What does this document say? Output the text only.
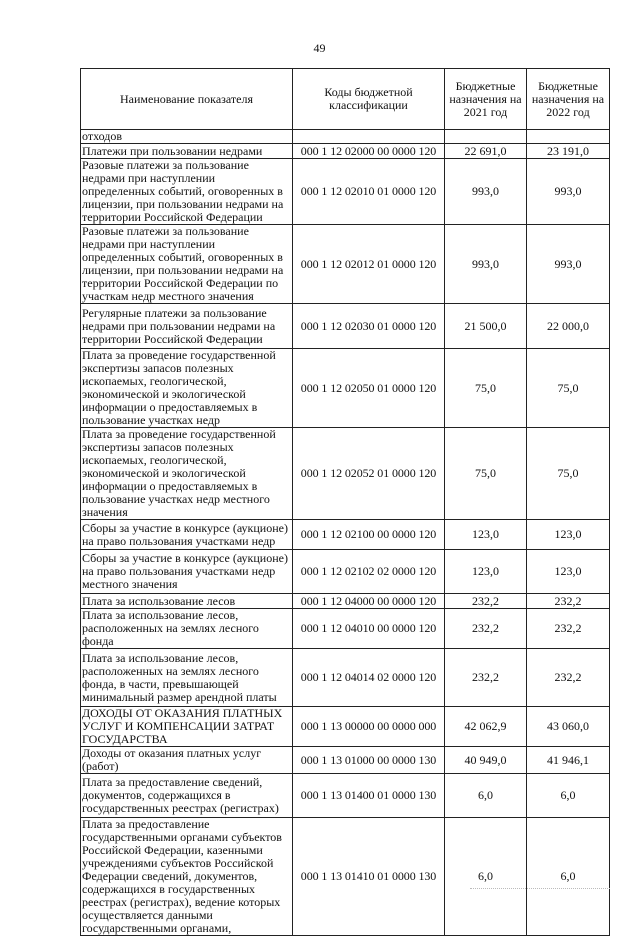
49
Наименование показателя	Коды бюджетной классификации	Бюджетные назначения на 2021 год	Бюджетные назначения на 2022 год
отходов			
Платежи при пользовании недрами	000 1 12 02000 00 0000 120	22 691,0	23 191,0
Разовые платежи за пользование недрами при наступлении определенных событий, оговоренных в лицензии, при пользовании недрами на территории Российской Федерации	000 1 12 02010 01 0000 120	993,0	993,0
Разовые платежи за пользование недрами при наступлении определенных событий, оговоренных в лицензии, при пользовании недрами на территории Российской Федерации по участкам недр местного значения	000 1 12 02012 01 0000 120	993,0	993,0
Регулярные платежи за пользование недрами при пользовании недрами на территории Российской Федерации	000 1 12 02030 01 0000 120	21 500,0	22 000,0
Плата за проведение государственной экспертизы запасов полезных ископаемых, геологической, экономической и экологической информации о предоставляемых в пользование участках недр	000 1 12 02050 01 0000 120	75,0	75,0
Плата за проведение государственной экспертизы запасов полезных ископаемых, геологической, экономической и экологической информации о предоставляемых в пользование участках недр местного значения	000 1 12 02052 01 0000 120	75,0	75,0
Сборы за участие в конкурсе (аукционе) на право пользования участками недр	000 1 12 02100 00 0000 120	123,0	123,0
Сборы за участие в конкурсе (аукционе) на право пользования участками недр местного значения	000 1 12 02102 02 0000 120	123,0	123,0
Плата за использование лесов	000 1 12 04000 00 0000 120	232,2	232,2
Плата за использование лесов, расположенных на землях лесного фонда	000 1 12 04010 00 0000 120	232,2	232,2
Плата за использование лесов, расположенных на землях лесного фонда, в части, превышающей минимальный размер арендной платы	000 1 12 04014 02 0000 120	232,2	232,2
ДОХОДЫ ОТ ОКАЗАНИЯ ПЛАТНЫХ УСЛУГ И КОМПЕНСАЦИИ ЗАТРАТ ГОСУДАРСТВА	000 1 13 00000 00 0000 000	42 062,9	43 060,0
Доходы от оказания платных услуг (работ)	000 1 13 01000 00 0000 130	40 949,0	41 946,1
Плата за предоставление сведений, документов, содержащихся в государственных реестрах (регистрах)	000 1 13 01400 01 0000 130	6,0	6,0
Плата за предоставление государственными органами субъектов Российской Федерации, казенными учреждениями субъектов Российской Федерации сведений, документов, содержащихся в государственных реестрах (регистрах), ведение которых осуществляется данными государственными органами,	000 1 13 01410 01 0000 130	6,0	6,0
